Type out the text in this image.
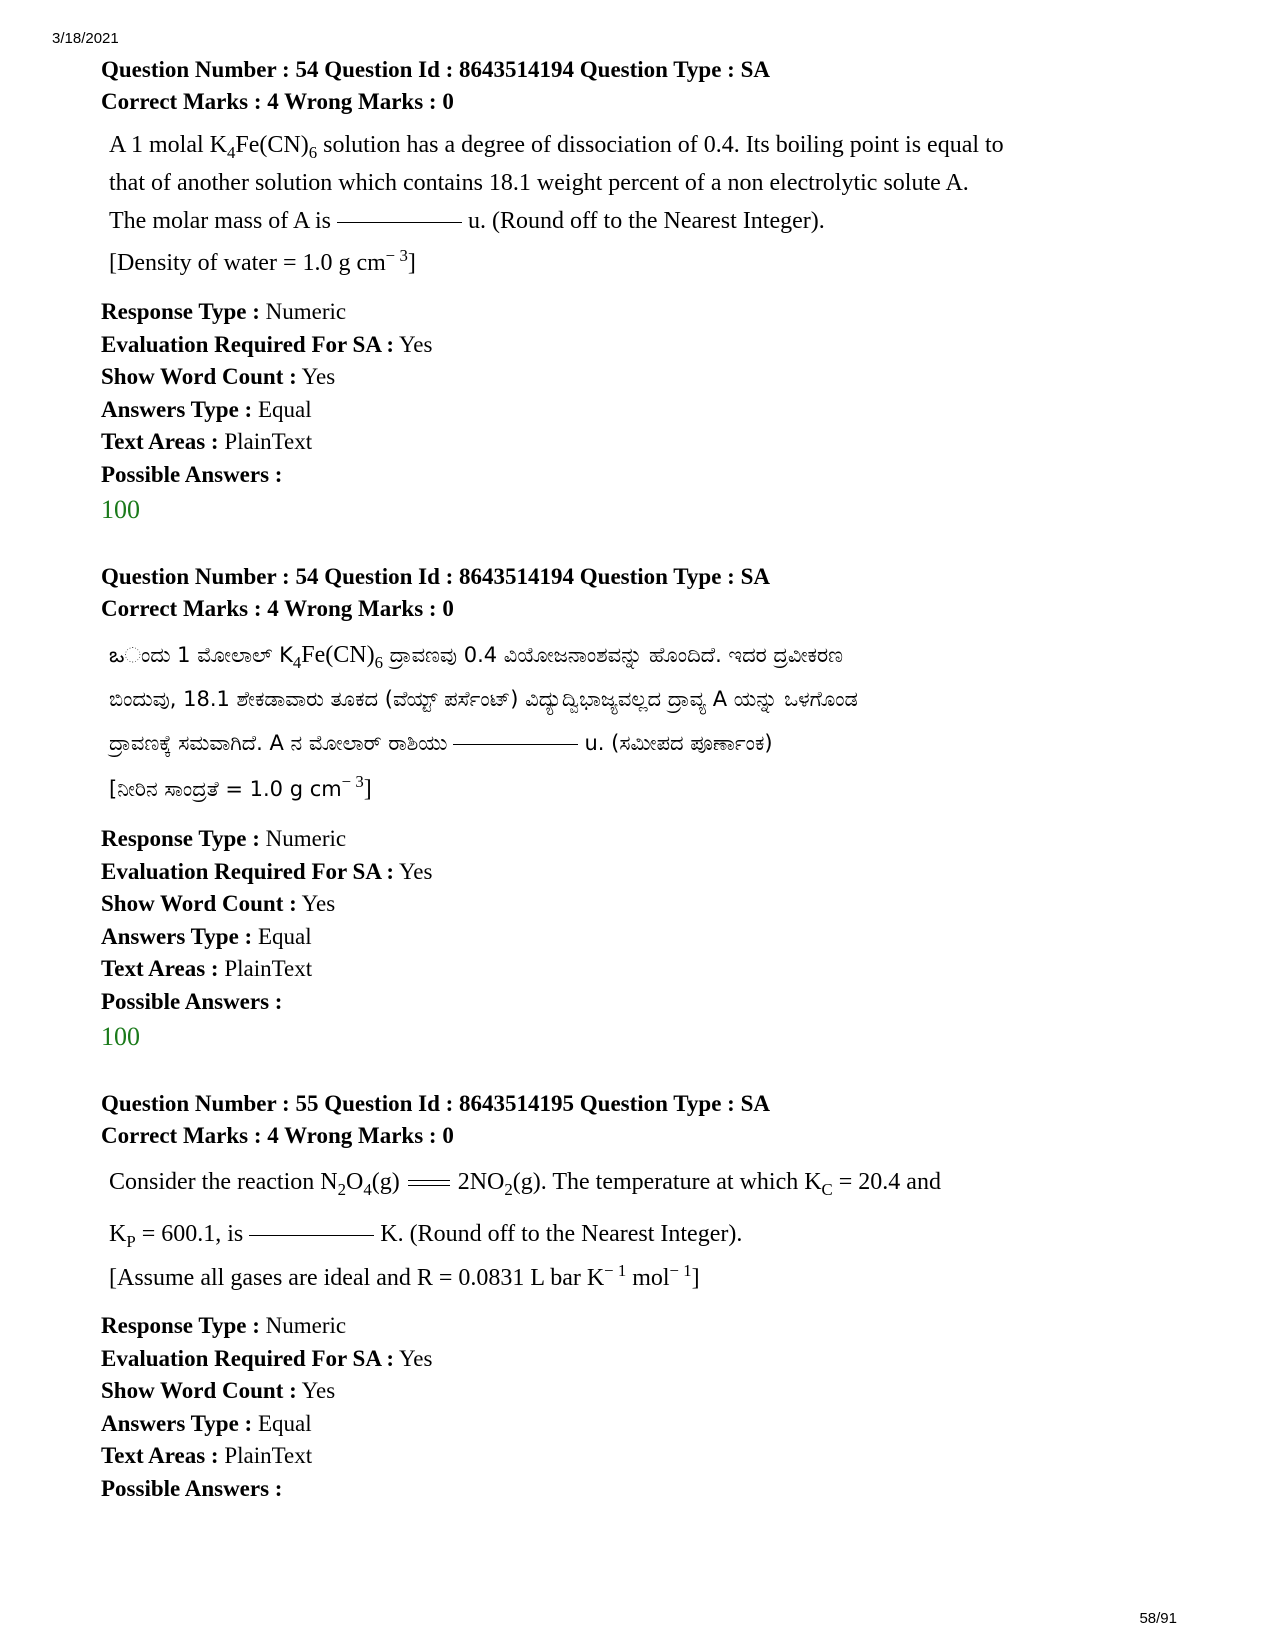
3/18/2021
Question Number : 54 Question Id : 8643514194 Question Type : SA
Correct Marks : 4 Wrong Marks : 0
A 1 molal $K_4Fe(CN)_6$ solution has a degree of dissociation of 0.4. Its boiling point is equal to
that of another solution which contains 18.1 weight percent of a non electrolytic solute A.
The molar mass of A is	u. (Round off to the Nearest Integer).
[Density of water = 1.0 g $cm^{- 3}$]
Response Type : Numeric
Evaluation Required For SA : Yes
Show Word Count : Yes
Answers Type : Equal
Text Areas : PlainText
Possible Answers :
100
Question Number : 54 Question Id : 8643514194 Question Type : SA
Correct Marks : 4 Wrong Marks : 0
ఒಂದು 1 ಮೋಲಾಲ್ $K_4Fe(CN)_6$ ದ್ರಾವಣವು 0.4 ವಿಯೋಜನಾಂಶವನ್ನು ಹೊಂದಿದೆ. ಇದರ ದ್ರವೀಕರಣ
ಬಿಂದುವು, 18.1 ಶೇಕಡಾವಾರು ತೂಕದ (ವೆಯ್ಟ್ ಪರ್ಸೆಂಟ್) ವಿದ್ಯುದ್ವಿಭಾಜ್ಯವಲ್ಲದ ದ್ರಾವ್ಯ A ಯನ್ನು ಒಳಗೊಂಡ
ದ್ರಾವಣಕ್ಕೆ ಸಮವಾಗಿದೆ. A ನ ಮೋಲಾರ್ ರಾಶಿಯು	u. (ಸಮೀಪದ ಪೂರ್ಣಾಂಕ)
[ನೀರಿನ ಸಾಂದ್ರತೆ = 1.0 g $cm^{- 3}$]
Response Type : Numeric
Evaluation Required For SA : Yes
Show Word Count : Yes
Answers Type : Equal
Text Areas : PlainText
Possible Answers :
100
Question Number : 55 Question Id : 8643514195 Question Type : SA
Correct Marks : 4 Wrong Marks : 0
Consider the reaction $N_2O_4(g)$ $2NO_2(g)$. The temperature at which $K_C = 20.4$ and
$K_P = 600.1$, is	K. (Round off to the Nearest Integer).
[Assume all gases are ideal and R = 0.0831 L bar $K^{- 1}$ mol$^{- 1}$]
Response Type : Numeric
Evaluation Required For SA : Yes
Show Word Count : Yes
Answers Type : Equal
Text Areas : PlainText
Possible Answers :
58/91
